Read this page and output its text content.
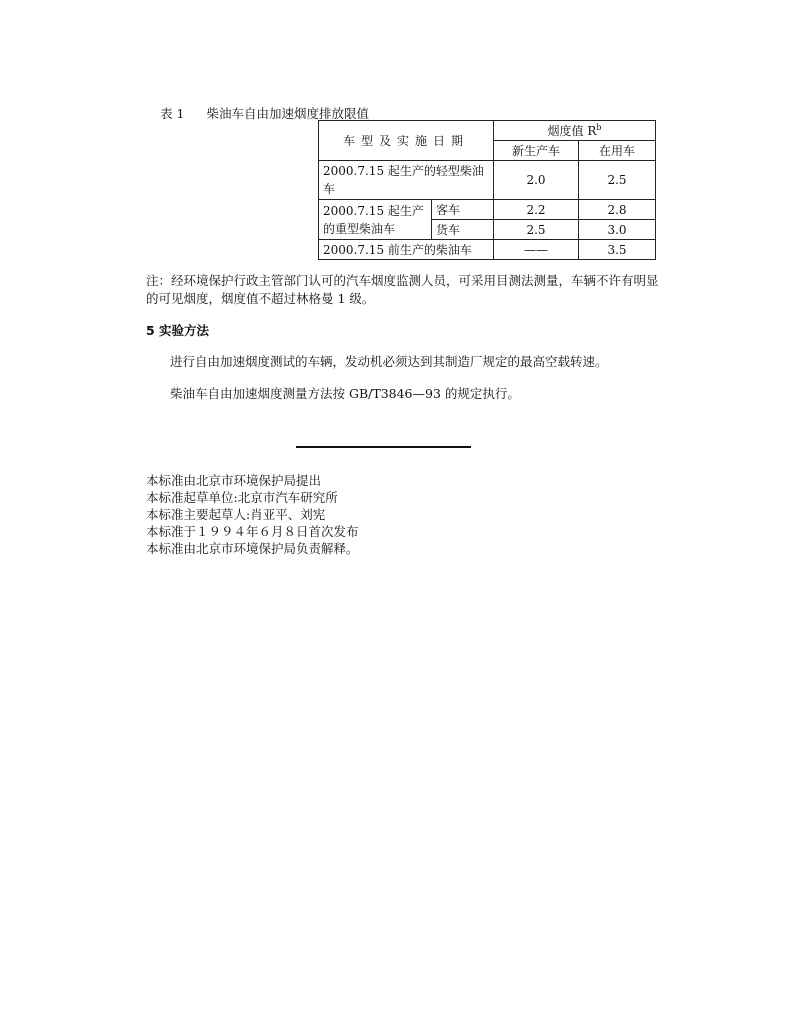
表 1 柴油车自由加速烟度排放限值
车型及实施日期		烟度值 $R^b$
		新生产车	在用车
2000.7.15 起生产的轻型柴油车		2.0	2.5
2000.7.15 起生产的重型柴油车	客车	2.2	2.8
	货车	2.5	3.0
2000.7.15 前生产的柴油车		——	3.5
注：经环境保护行政主管部门认可的汽车烟度监测人员，可采用目测法测量，车辆不许有明显的可见烟度，烟度值不超过林格曼 1 级。
5 实验方法
进行自由加速烟度测试的车辆，发动机必须达到其制造厂规定的最高空载转速。
柴油车自由加速烟度测量方法按 GB/T3846—93 的规定执行。
本标准由北京市环境保护局提出
本标准起草单位:北京市汽车研究所
本标准主要起草人:肖亚平、刘宪
本标准于１９９４年６月８日首次发布
本标准由北京市环境保护局负责解释。
